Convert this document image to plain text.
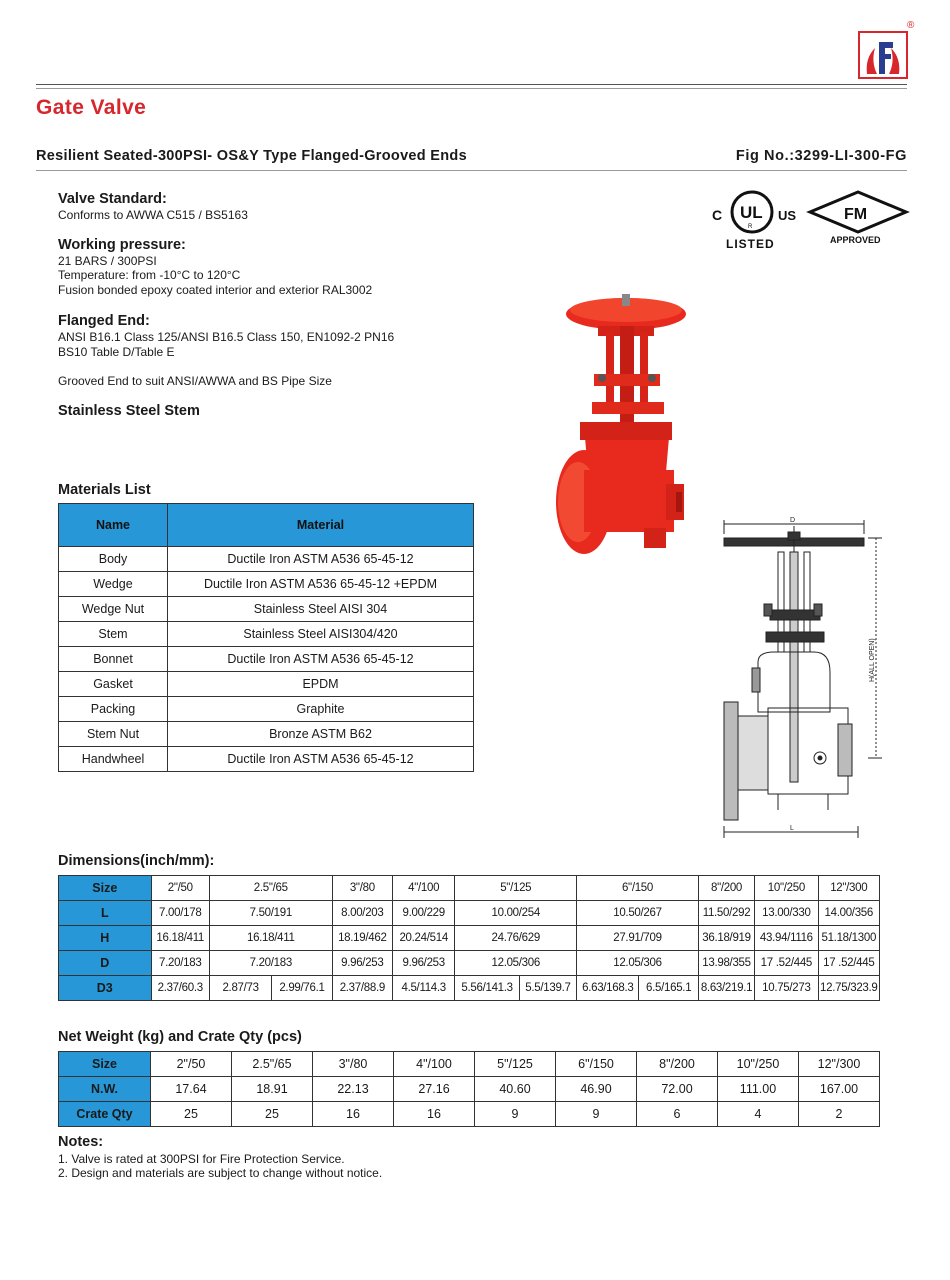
®
Gate Valve
Resilient Seated-300PSI- OS&Y Type Flanged-Grooved Ends	Fig No.:3299-LI-300-FG
C UL
R
US
LISTED
FM
APPROVED
Valve Standard:
Conforms to AWWA C515 / BS5163
Working pressure:
21 BARS / 300PSI
Temperature: from -10°C to 120°C
Fusion bonded epoxy coated interior and exterior RAL3002
Flanged End:
ANSI B16.1 Class 125/ANSI B16.5 Class 150, EN1092-2 PN16
BS10 Table D/Table E
Grooved End to suit ANSI/AWWA and BS Pipe Size
Stainless Steel Stem
D
L
H(ALL OPEN)
Materials List
Name	Material
Body	Ductile Iron ASTM A536 65-45-12
Wedge	Ductile Iron ASTM A536 65-45-12 +EPDM
Wedge Nut	Stainless Steel AISI 304
Stem	Stainless Steel AISI304/420
Bonnet	Ductile Iron ASTM A536 65-45-12
Gasket	EPDM
Packing	Graphite
Stem Nut	Bronze ASTM B62
Handwheel	Ductile Iron ASTM A536 65-45-12
Dimensions(inch/mm):
Size	2"/50	2.5"/65		3"/80	4"/100	5"/125		6"/150		8"/200	10"/250	12"/300
L	7.00/178	7.50/191		8.00/203	9.00/229	10.00/254		10.50/267		11.50/292	13.00/330	14.00/356
H	16.18/411	16.18/411		18.19/462	20.24/514	24.76/629		27.91/709		36.18/919	43.94/1116	51.18/1300
D	7.20/183	7.20/183		9.96/253	9.96/253	12.05/306		12.05/306		13.98/355	17 .52/445	17 .52/445
D3	2.37/60.3	2.87/73	2.99/76.1	2.37/88.9	4.5/114.3	5.56/141.3	5.5/139.7	6.63/168.3	6.5/165.1	8.63/219.1	10.75/273	12.75/323.9
Net Weight (kg) and Crate Qty (pcs)
Size	2"/50	2.5"/65	3"/80	4"/100	5"/125	6"/150	8"/200	10"/250	12"/300
N.W.	17.64	18.91	22.13	27.16	40.60	46.90	72.00	111.00	167.00
Crate Qty	25	25	16	16	9	9	6	4	2
Notes:
1. Valve is rated at 300PSI for Fire Protection Service.
2. Design and materials are subject to change without notice.
